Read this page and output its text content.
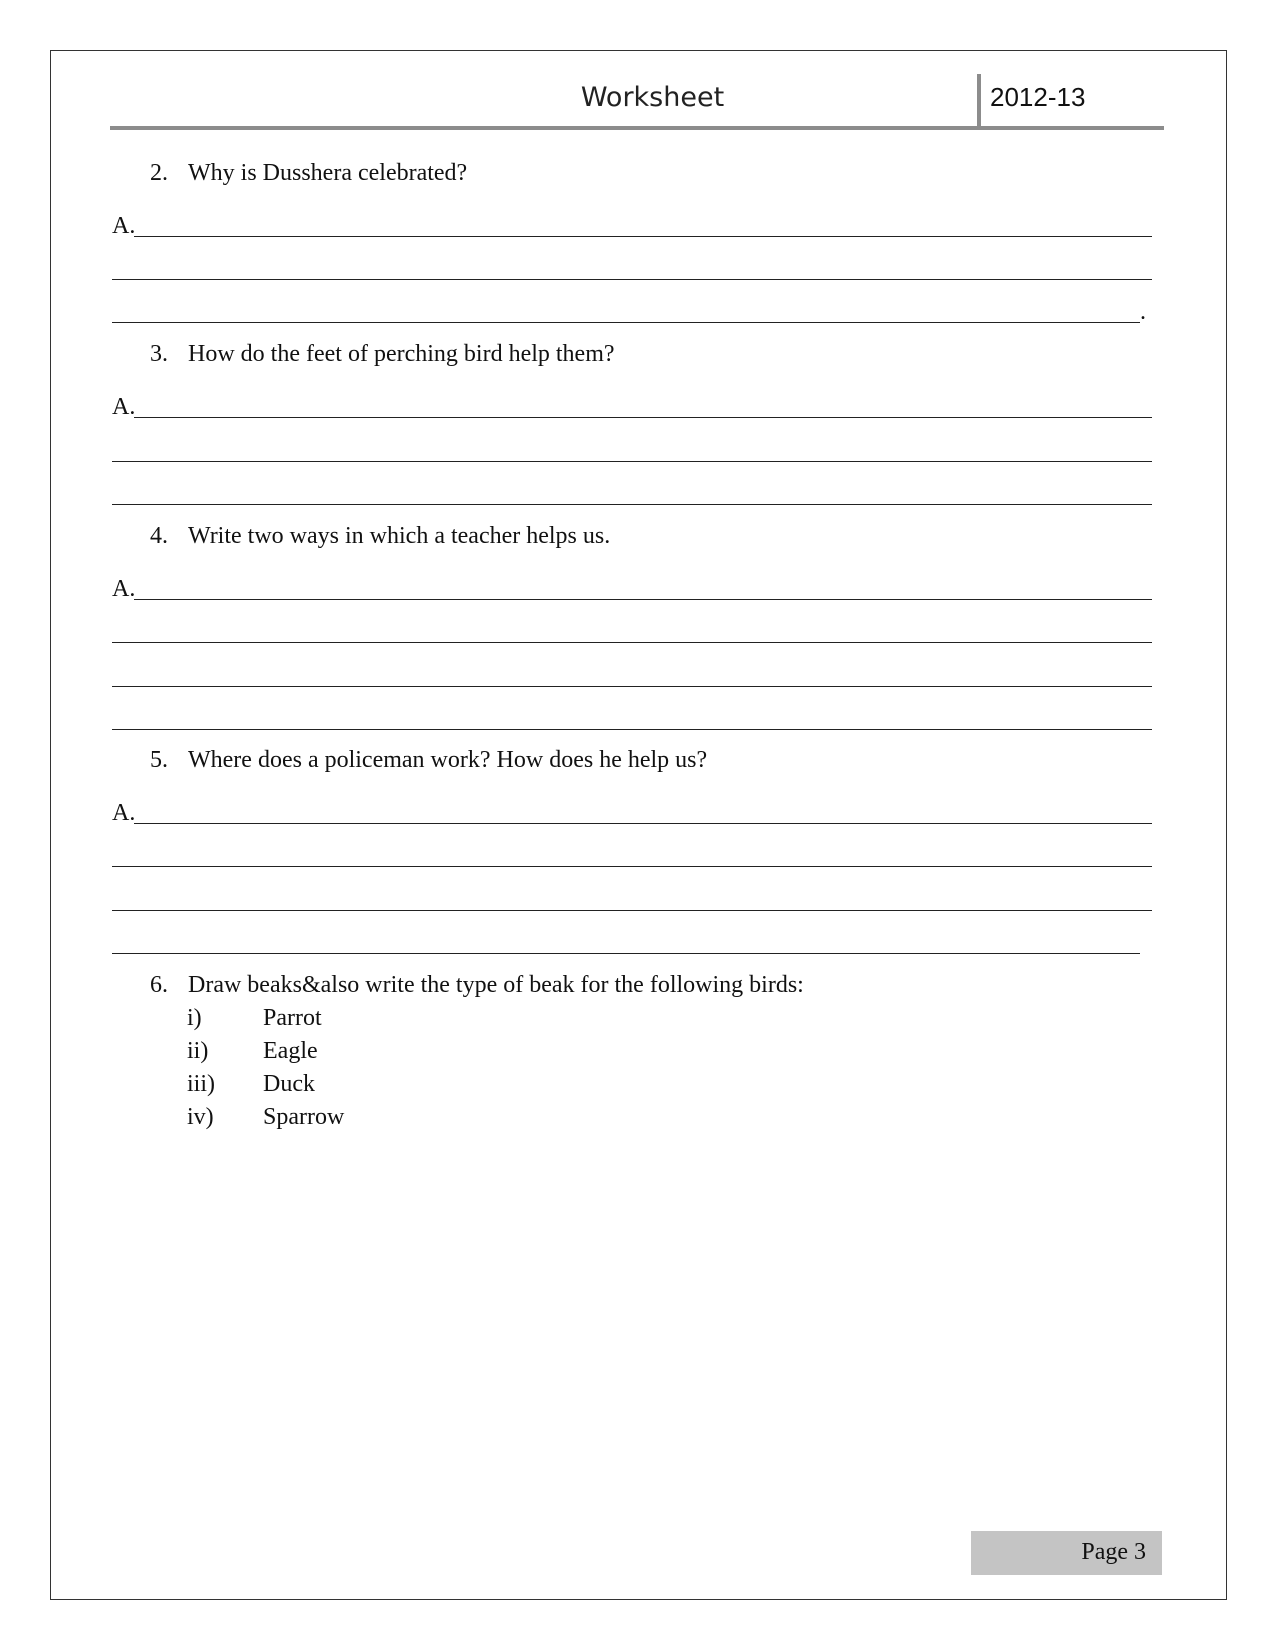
Worksheet	2012-13
2. Why is Dusshera celebrated?
A.
.
3. How do the feet of perching bird help them?
A.
4. Write two ways in which a teacher helps us.
A.
5. Where does a policeman work? How does he help us?
A.
6. Draw beaks&also write the type of beak for the following birds:
i)	Parrot
ii) Eagle
iii) Duck
iv) Sparrow
Page 3
